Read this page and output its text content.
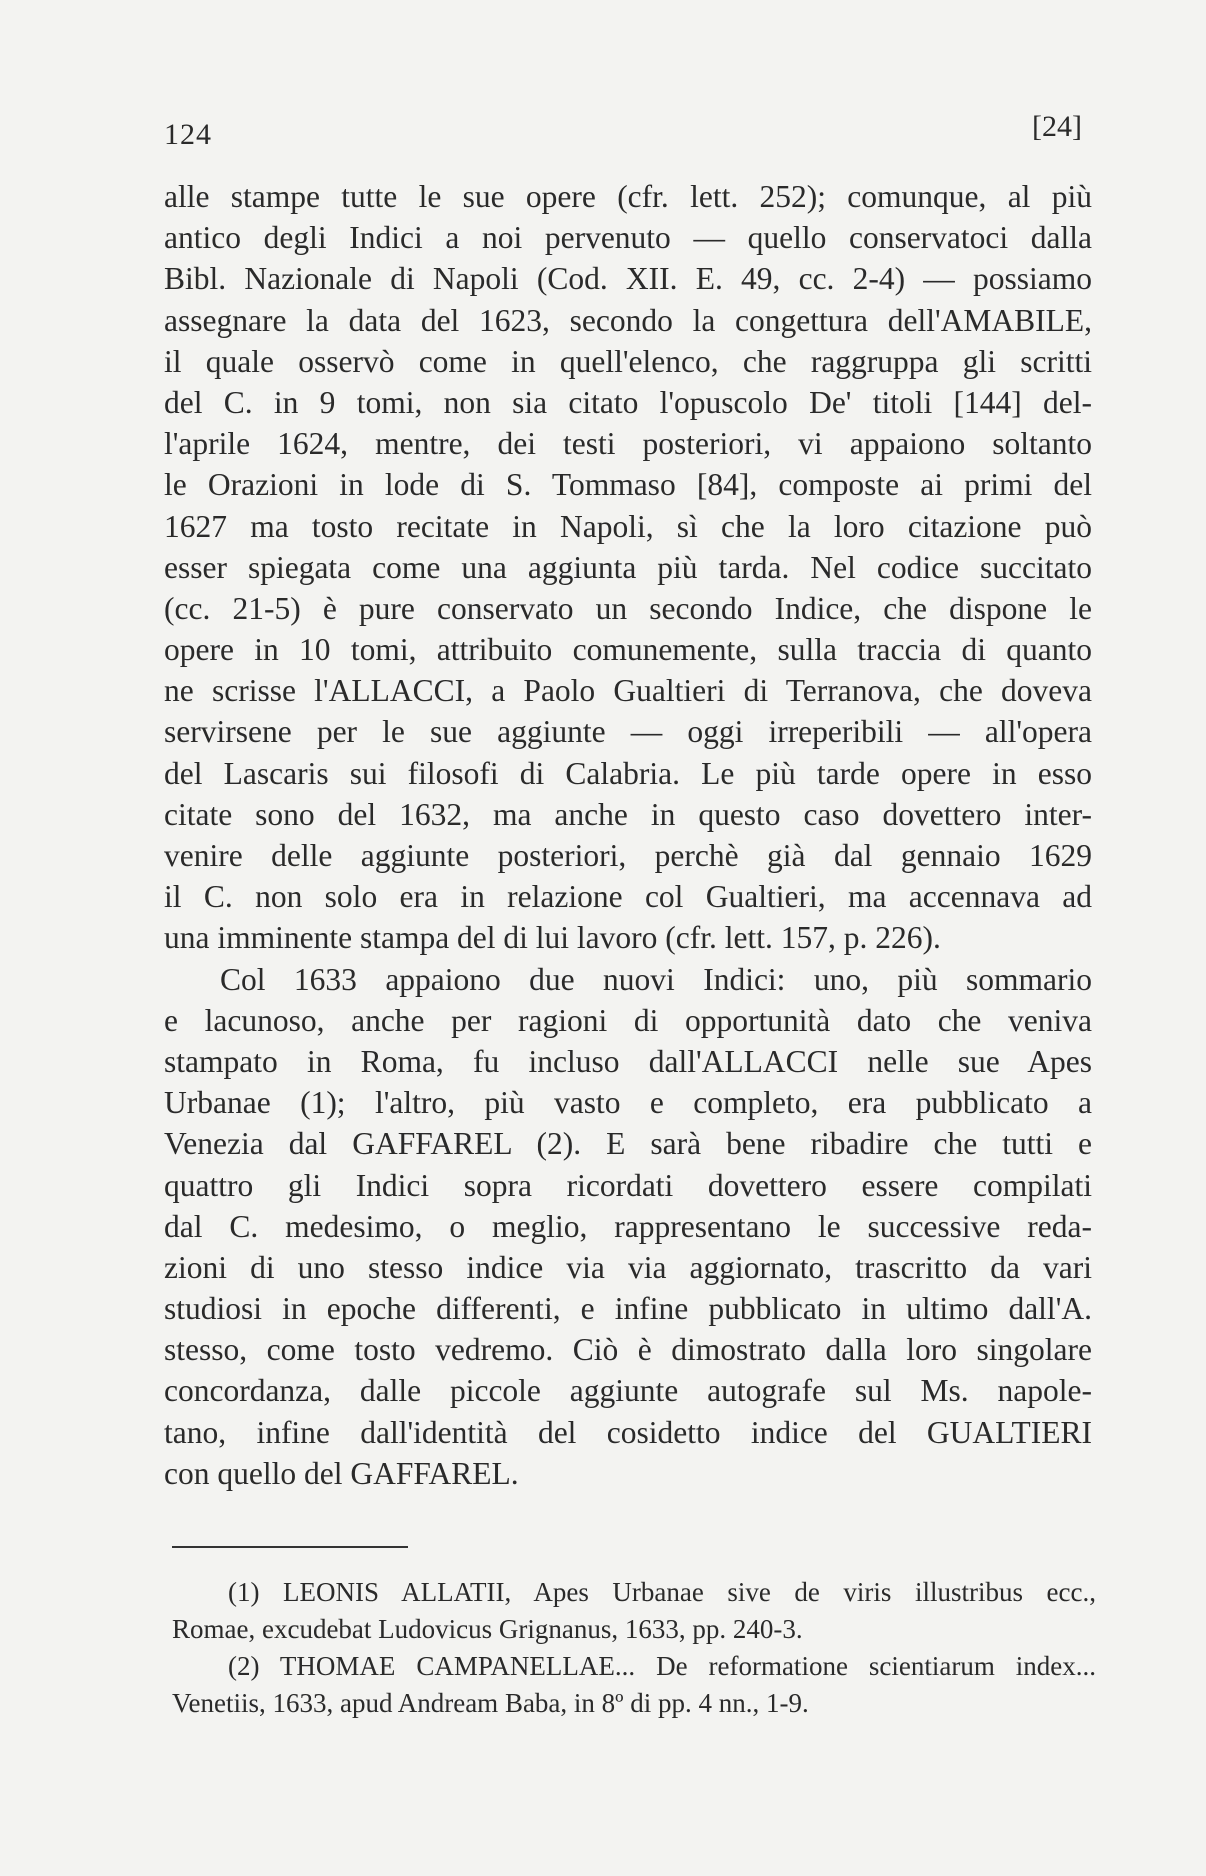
124	[24]
alle stampe tutte le sue opere (cfr. lett. 252); comunque, al più
antico degli Indici a noi pervenuto — quello conservatoci dalla
Bibl. Nazionale di Napoli (Cod. XII. E. 49, cc. 2-4) — possiamo
assegnare la data del 1623, secondo la congettura dell'AMABILE,
il quale osservò come in quell'elenco, che raggruppa gli scritti
del C. in 9 tomi, non sia citato l'opuscolo De' titoli [144] del-
l'aprile 1624, mentre, dei testi posteriori, vi appaiono soltanto
le Orazioni in lode di S. Tommaso [84], composte ai primi del
1627 ma tosto recitate in Napoli, sì che la loro citazione può
esser spiegata come una aggiunta più tarda. Nel codice succitato
(cc. 21-5) è pure conservato un secondo Indice, che dispone le
opere in 10 tomi, attribuito comunemente, sulla traccia di quanto
ne scrisse l'ALLACCI, a Paolo Gualtieri di Terranova, che doveva
servirsene per le sue aggiunte — oggi irreperibili — all'opera
del Lascaris sui filosofi di Calabria. Le più tarde opere in esso
citate sono del 1632, ma anche in questo caso dovettero inter-
venire delle aggiunte posteriori, perchè già dal gennaio 1629
il C. non solo era in relazione col Gualtieri, ma accennava ad
una imminente stampa del di lui lavoro (cfr. lett. 157, p. 226).
Col 1633 appaiono due nuovi Indici: uno, più sommario
e lacunoso, anche per ragioni di opportunità dato che veniva
stampato in Roma, fu incluso dall'ALLACCI nelle sue Apes
Urbanae (1); l'altro, più vasto e completo, era pubblicato a
Venezia dal GAFFAREL (2). E sarà bene ribadire che tutti e
quattro gli Indici sopra ricordati dovettero essere compilati
dal C. medesimo, o meglio, rappresentano le successive reda-
zioni di uno stesso indice via via aggiornato, trascritto da vari
studiosi in epoche differenti, e infine pubblicato in ultimo dall'A.
stesso, come tosto vedremo. Ciò è dimostrato dalla loro singolare
concordanza, dalle piccole aggiunte autografe sul Ms. napole-
tano, infine dall'identità del cosidetto indice del GUALTIERI
con quello del GAFFAREL.
(1) LEONIS ALLATII, Apes Urbanae sive de viris illustribus ecc.,
Romae, excudebat Ludovicus Grignanus, 1633, pp. 240-3.
(2) THOMAE CAMPANELLAE... De reformatione scientiarum index...
Venetiis, 1633, apud Andream Baba, in 8º di pp. 4 nn., 1-9.
